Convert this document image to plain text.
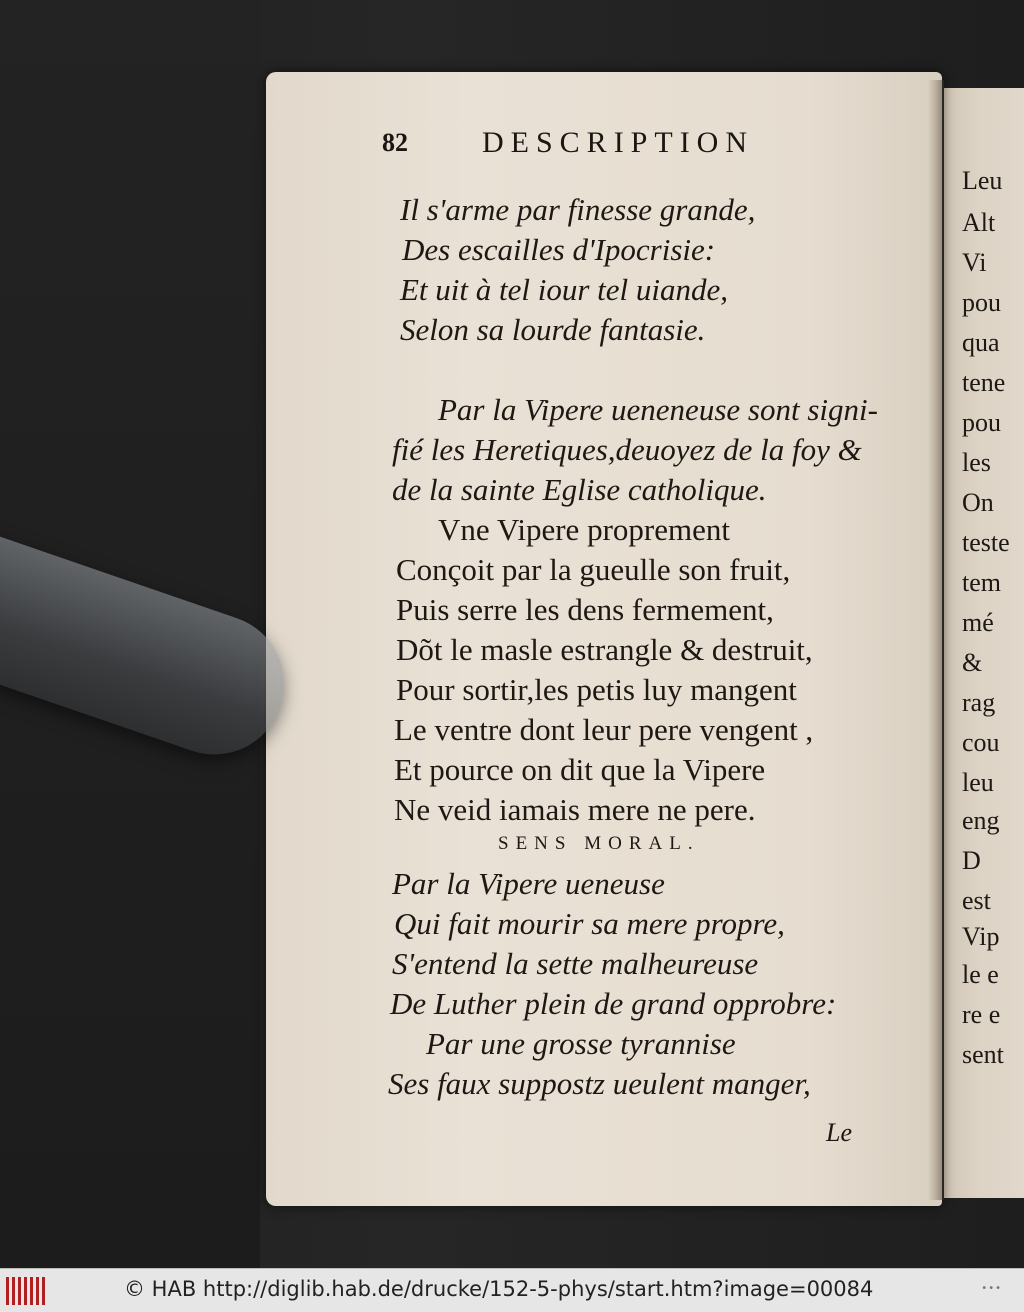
Leu
Alt
Vi
pou
qua
tene
pou
les
On
teste
tem
mé
&
rag
cou
leu
eng
D
est
Vip
le e
re e
sent
82 DESCRIPTION
Il s'arme par finesse grande,
Des escailles d'Ipocrisie:
Et uit à tel iour tel uiande,
Selon sa lourde fantasie.
Par la Vipere ueneneuse sont signi-
fié les Heretiques,deuoyez de la foy &
de la sainte Eglise catholique.
Vne Vipere proprement
Conçoit par la gueulle son fruit,
Puis serre les dens fermement,
Dõt le masle estrangle & destruit,
Pour sortir,les petis luy mangent
Le ventre dont leur pere vengent ,
Et pource on dit que la Vipere
Ne veid iamais mere ne pere.
SENS MORAL.
Par la Vipere ueneuse
Qui fait mourir sa mere propre,
S'entend la sette malheureuse
De Luther plein de grand opprobre:
Par une grosse tyrannise
Ses faux suppostz ueulent manger,
Le
© HAB http://diglib.hab.de/drucke/152-5-phys/start.htm?image=00084	•••
